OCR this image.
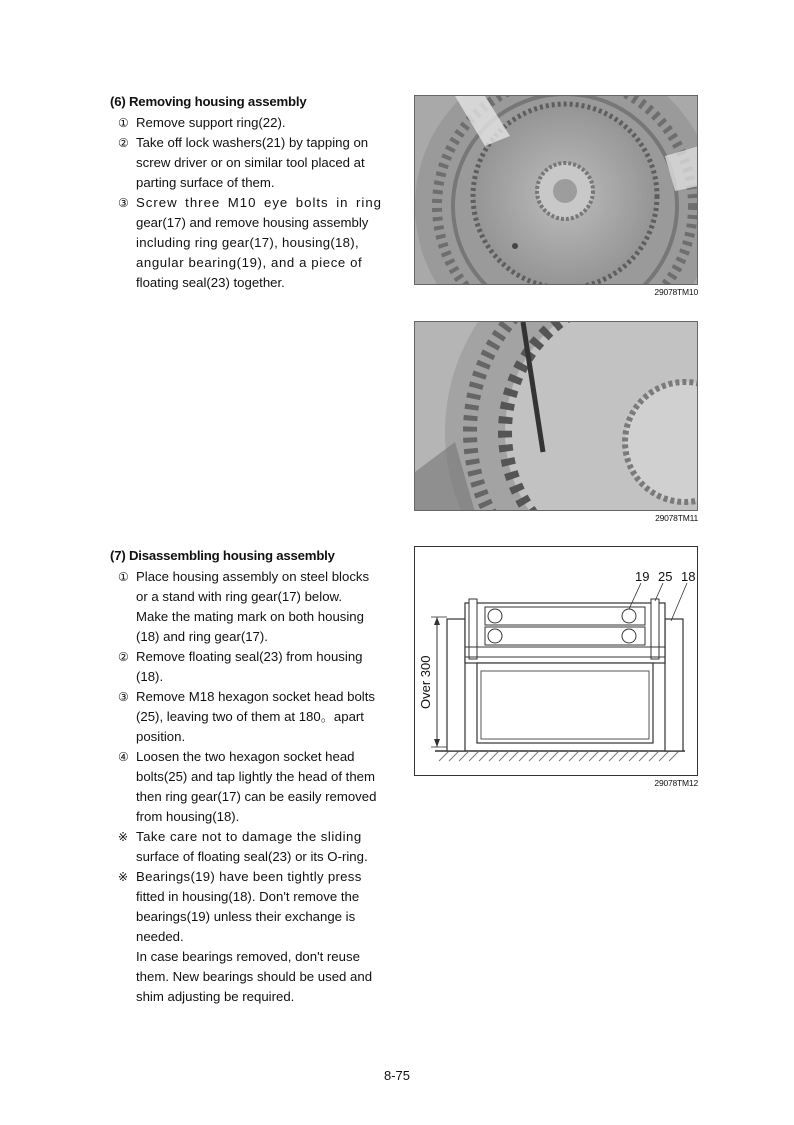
(6) Removing housing assembly
① Remove support ring(22).
② Take off lock washers(21) by tapping on
screw driver or on similar tool placed at
parting surface of them.
③ Screw three M10 eye bolts in ring
gear(17) and remove housing assembly
including ring gear(17), housing(18),
angular bearing(19), and a piece of
floating seal(23) together.
29078TM10
29078TM11
(7) Disassembling housing assembly
① Place housing assembly on steel blocks
or a stand with ring gear(17) below.
Make the mating mark on both housing
(18) and ring gear(17).
② Remove floating seal(23) from housing
(18).
③ Remove M18 hexagon socket head bolts
(25), leaving two of them at 180。apart
position.
④ Loosen the two hexagon socket head
bolts(25) and tap lightly the head of them
then ring gear(17) can be easily removed
from housing(18).
※ Take care not to damage the sliding
surface of floating seal(23) or its O-ring.
※ Bearings(19) have been tightly press
fitted in housing(18). Don't remove the
bearings(19) unless their exchange is
needed.
In case bearings removed, don't reuse
them. New bearings should be used and
shim adjusting be required.
19 25 18
Over 300
29078TM12
8-75
